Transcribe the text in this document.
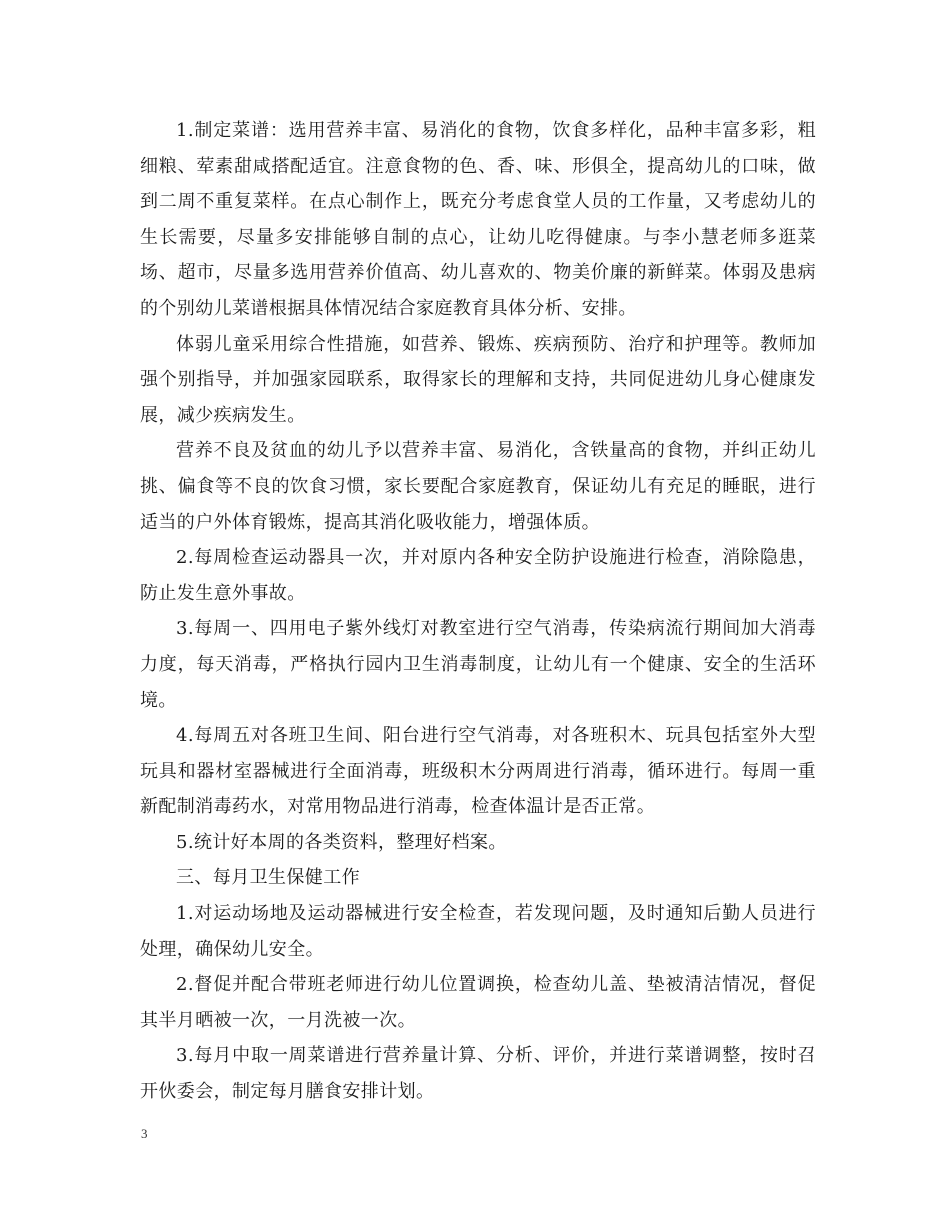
1.制定菜谱：选用营养丰富、易消化的食物，饮食多样化，品种丰富多彩，粗细粮、荤素甜咸搭配适宜。注意食物的色、香、味、形俱全，提高幼儿的口味，做到二周不重复菜样。在点心制作上，既充分考虑食堂人员的工作量，又考虑幼儿的生长需要，尽量多安排能够自制的点心，让幼儿吃得健康。与李小慧老师多逛菜场、超市，尽量多选用营养价值高、幼儿喜欢的、物美价廉的新鲜菜。体弱及患病的个别幼儿菜谱根据具体情况结合家庭教育具体分析、安排。

体弱儿童采用综合性措施，如营养、锻炼、疾病预防、治疗和护理等。教师加强个别指导，并加强家园联系，取得家长的理解和支持，共同促进幼儿身心健康发展，减少疾病发生。

营养不良及贫血的幼儿予以营养丰富、易消化，含铁量高的食物，并纠正幼儿挑、偏食等不良的饮食习惯，家长要配合家庭教育，保证幼儿有充足的睡眠，进行适当的户外体育锻炼，提高其消化吸收能力，增强体质。

2.每周检查运动器具一次，并对原内各种安全防护设施进行检查，消除隐患，防止发生意外事故。

3.每周一、四用电子紫外线灯对教室进行空气消毒，传染病流行期间加大消毒力度，每天消毒，严格执行园内卫生消毒制度，让幼儿有一个健康、安全的生活环境。

4.每周五对各班卫生间、阳台进行空气消毒，对各班积木、玩具包括室外大型玩具和器材室器械进行全面消毒，班级积木分两周进行消毒，循环进行。每周一重新配制消毒药水，对常用物品进行消毒，检查体温计是否正常。

5.统计好本周的各类资料，整理好档案。

三、每月卫生保健工作

1.对运动场地及运动器械进行安全检查，若发现问题，及时通知后勤人员进行处理，确保幼儿安全。

2.督促并配合带班老师进行幼儿位置调换，检查幼儿盖、垫被清洁情况，督促其半月晒被一次，一月洗被一次。

3.每月中取一周菜谱进行营养量计算、分析、评价，并进行菜谱调整，按时召开伙委会，制定每月膳食安排计划。

3
